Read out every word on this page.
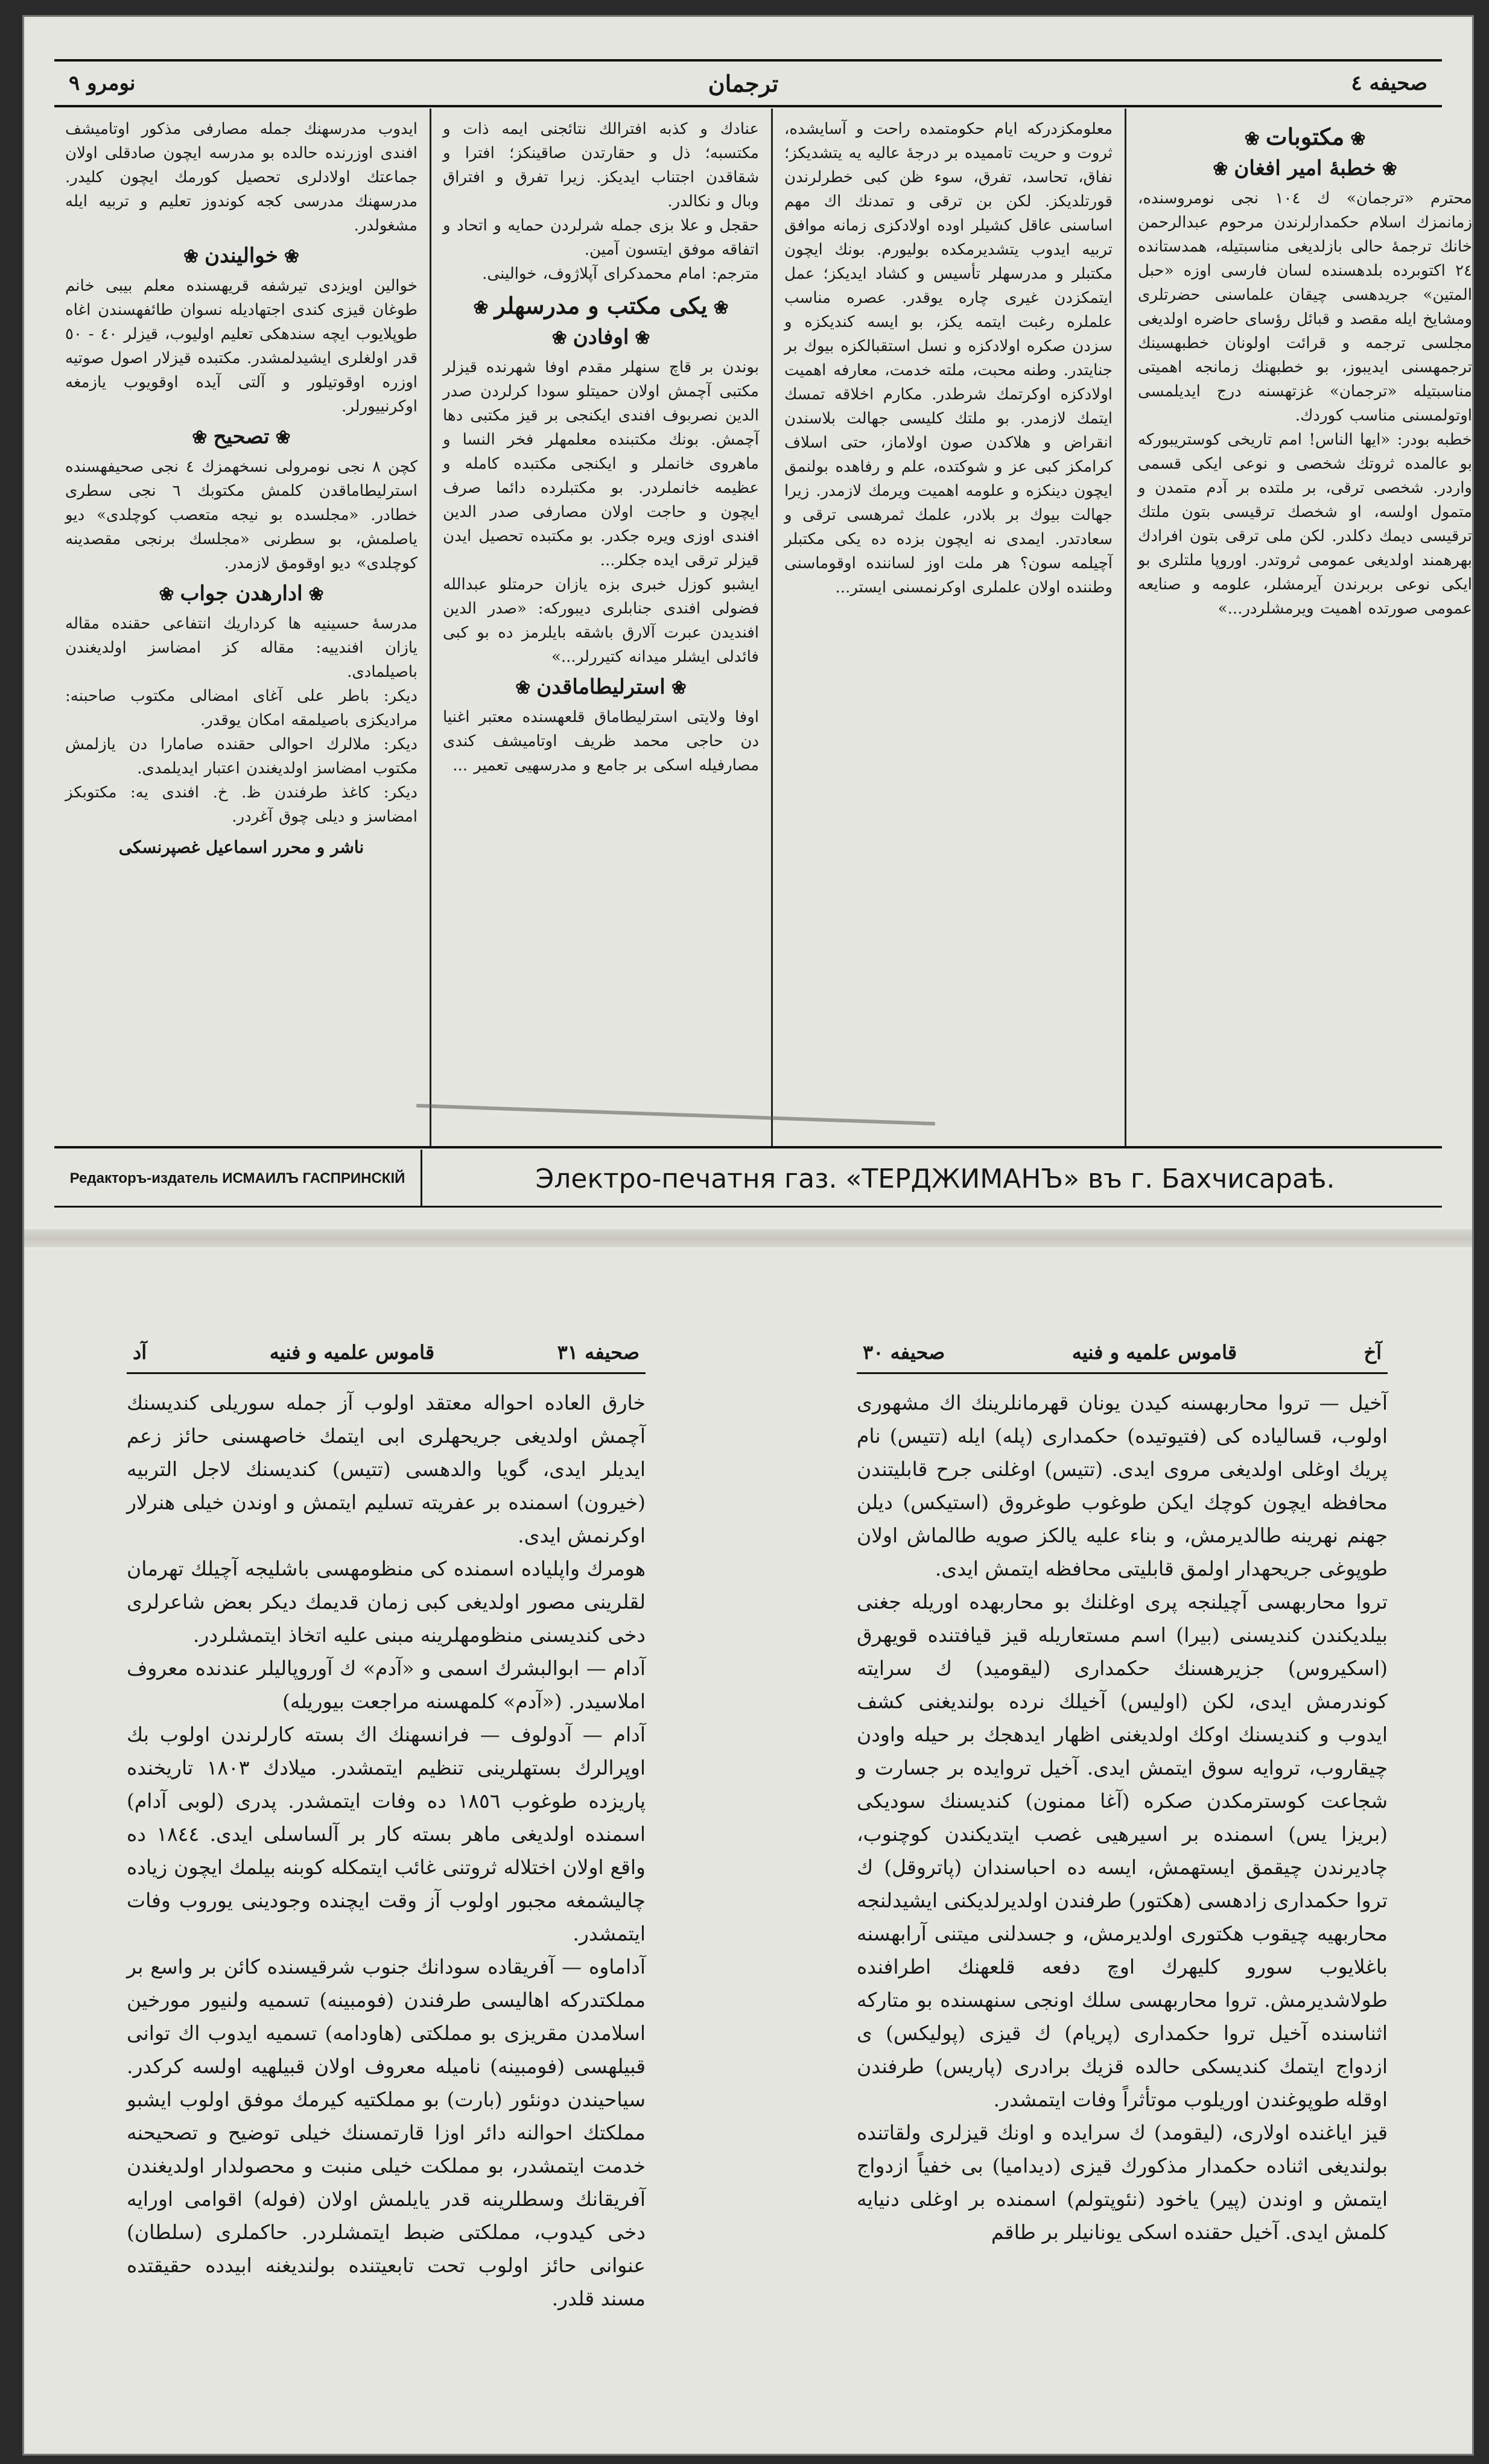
نومرو ٩	ترجمان	صحیفه ٤
ایدوب مدرسهنك جمله مصارفی مذکور اوتامیشف افندی اوزرنده حالده بو مدرسه ایچون صادقلی اولان جماعتك اولادلری تحصیل کورمك ایچون کلیدر. مدرسهنك مدرسی کجه کوندوز تعلیم و تربیه ایله مشغولدر.
❀خوالیندن❀
خوالین اویزدی تیرشفه قریهسنده معلم بیبی خانم طوغان قیزی کندی اجتهادیله نسوان طائفهسندن اغاه طوپلایوب ایچه سندهکی تعلیم اولیوب، قیزلر ٤٠ - ٥٠ قدر اولغلری ایشیدلمشدر. مکتبده قیزلار اصول صوتیه اوزره اوقوتیلور و آلتی آیده اوقویوب یازمغه اوکرنییورلر.
❀تصحیح❀
کچن ٨ نجی نومرولی نسخهمزك ٤ نجی صحیفهسنده استرلیطاماقدن کلمش مکتوبك ٦ نجی سطری خطادر. «مجلسده بو نیجه متعصب کوچلدی» دیو یاصلمش، بو سطرنی «مجلسك برنجی مقصدینه کوچلدی» دیو اوقومق لازمدر.
❀ادارهدن جواب❀
مدرسهٔ حسینیه ها کرداریك انتفاعی حقنده مقاله یازان افندییه: مقاله کز امضاسز اولدیغندن باصیلمادی.
دیکر: باطر علی آغای امضالی مکتوب صاحبنه: مرادیکزی باصیلمقه امکان یوقدر.
دیکر: ملالرك احوالی حقنده صامارا دن یازلمش مکتوب امضاسز اولدیغندن اعتبار ایدیلمدی.
دیکر: کاغذ طرفندن ظ. خ. افندی یه: مکتوبکز امضاسز و دیلی چوق آغردر.
ناشر و محرر اسماعیل غصپرنسکی
عنادك و کذبه افترالك نتائجنی ایمه ذات و مکتسبه؛ ذل و حقارتدن صاقینکز؛ افترا و شقاقدن اجتناب ایدیکز. زیرا تفرق و افتراق وبال و نکالدر.
حقجل و علا بزی جمله شرلردن حمایه و اتحاد و اتفاقه موفق ایتسون آمین.
مترجم: امام محمدکرای آپلاژوف، خوالینی.
❀یکی مکتب و مدرسهلر❀
❀اوفادن❀
بوندن بر قاچ سنهلر مقدم اوفا شهرنده قیزلر مکتبی آچمش اولان حمیتلو سودا کرلردن صدر الدین نصربوف افندی ایکنجی بر قیز مکتبی دها آچمش. بونك مکتبنده معلمهلر فخر النسا و ماهروی خانملر و ایکنجی مکتبده کامله و عظیمه خانملردر. بو مکتبلرده دائما صرف ایچون و حاجت اولان مصارفی صدر الدین افندی اوزی ویره جکدر. بو مکتبده تحصیل ایدن قیزلر ترقی ایده جکلر...
ایشبو کوزل خبری بزه یازان حرمتلو عبدالله فضولی افندی جنابلری دیبورکه: «صدر الدین افندیدن عبرت آلارق باشقه بایلرمز ده بو کبی فائدلی ایشلر میدانه کتیررلر...»
❀استرلیطاماقدن❀
اوفا ولایتی استرلیطاماق قلعهسنده معتبر اغنیا دن حاجی محمد ظریف اوتامیشف کندی مصارفیله اسکی بر جامع و مدرسهیی تعمیر ...
معلومکزدرکه ایام حکومتمده راحت و آسایشده، ثروت و حریت تاممیده بر درجهٔ عالیه یه یتشدیکز؛ نفاق، تحاسد، تفرق، سوء ظن کبی خطرلرندن قورتلدیکز. لکن بن ترقی و تمدنك اك مهم اساسنی عاقل کشیلر اوده اولادکزی زمانه موافق تربیه ایدوب یتشدیرمکده بولیورم. بونك ایچون مکتبلر و مدرسهلر تأسیس و کشاد ایدیکز؛ عمل ایتمکزدن غیری چاره یوقدر. عصره مناسب علملره رغبت ایتمه یکز، بو ایسه کندیکزه و سزدن صکره اولادکزه و نسل استقبالکزه بیوك بر جنایتدر. وطنه محبت، ملته خدمت، معارفه اهمیت اولادکزه اوکرتمك شرطدر. مکارم اخلاقه تمسك ایتمك لازمدر. بو ملتك کلیسی جهالت بلاسندن انقراض و هلاکدن صون اولاماز، حتی اسلاف کرامکز کبی عز و شوکتده، علم و رفاهده بولنمق ایچون دینکزه و علومه اهمیت ویرمك لازمدر. زیرا جهالت بیوك بر بلادر، علمك ثمرهسی ترقی و سعادتدر. ایمدی نه ایچون بزده ده یکی مکتبلر آچیلمه سون؟ هر ملت اوز لساننده اوقوماسنی وطننده اولان علملری اوکرنمسنی ایستر...
❀مکتوبات❀
❀خطبهٔ امیر افغان❀
محترم «ترجمان» ك ١٠٤ نجی نومروسنده، زمانمزك اسلام حکمدارلرندن مرحوم عبدالرحمن خانك ترجمهٔ حالی بازلدیغی مناسبتیله، همدستانده ٢٤ اکتوبرده بلدهسنده لسان فارسی اوزه «حبل المتین» جریدهسی چیقان علماسنی حضرتلری ومشایخ ایله مقصد و قبائل رؤسای حاضره اولدیغی مجلسی ترجمه و قرائت اولونان خطبهسینك ترجمهسنی ایدیبوز، بو خطبهنك زمانجه اهمیتی مناسبتیله «ترجمان» غزتهسنه درج ایدیلمسی اوتولمسنی مناسب کوردك.
خطبه بودر: «ایها الناس! امم تاریخی کوستریبورکه بو عالمده ثروتك شخصی و نوعی ایکی قسمی واردر. شخصی ترقی، بر ملتده بر آدم متمدن و متمول اولسه، او شخصك ترقیسی بتون ملتك ترقیسی دیمك دکلدر. لکن ملی ترقی بتون افرادك بهرهمند اولدیغی عمومی ثروتدر. اوروپا ملتلری بو ایکی نوعی بربرندن آیرمشلر، علومه و صنایعه عمومی صورتده اهمیت ویرمشلردر...»
Редакторъ-издатель ИСМАИЛЪ ГАСПРИНСКІЙ	Электро-печатня газ. «ТЕРДЖИМАНЪ» въ г. Бахчисараѣ.
صحیفه ٣١
قاموس علمیه و فنیه
آد
خارق العاده احواله معتقد اولوب آز جمله سوریلی کندیسنك آچمش اولدیغی جریحهلری ابی ایتمك خاصهسنی حائز زعم ایدیلر ایدی، گویا والدهسی (تتیس) کندیسنك لاجل التربیه (خیرون) اسمنده بر عفریته تسلیم ایتمش و اوندن خیلی هنرلار اوکرنمش ایدی.
هومرك واپلیاده اسمنده کی منظومهسی باشلیجه آچیلك تهرمان لقلرینی مصور اولدیغی کبی زمان قدیمك دیکر بعض شاعرلری دخی کندیسنی منظومهلرینه مبنی علیه اتخاذ ایتمشلردر.
آدام — ابوالبشرك اسمی و «آدم» ك آوروپالیلر عندنده معروف املاسیدر. («آدم» کلمهسنه مراجعت بیوریله)
آدام — آدولوف — فرانسهنك اك بسته کارلرندن اولوب بك اوپرالرك بستهلرینی تنظیم ایتمشدر. میلادك ١٨٠٣ تاریخنده پاریزده طوغوب ١٨٥٦ ده وفات ایتمشدر. پدری (لوبی آدام) اسمنده اولدیغی ماهر بسته کار بر آلساسلی ایدی. ١٨٤٤ ده واقع اولان اختلاله ثروتنی غائب ایتمکله کوبنه بیلمك ایچون زیاده چالیشمغه مجبور اولوب آز وقت ایچنده وجودینی یوروب وفات ایتمشدر.
آداماوه — آفریقاده سودانك جنوب شرقیسنده کائن بر واسع بر مملکتدرکه اهالیسی طرفندن (فومبینه) تسمیه ولنیور مورخین اسلامدن مقریزی بو مملکتی (هاودامه) تسمیه ایدوب اك توانی قبیلهسی (فومبینه) نامیله معروف اولان قبیلهیه اولسه کرکدر. سیاحیندن دونئور (بارت) بو مملکتیه کیرمك موفق اولوب ایشبو مملکتك احوالنه دائر اوزا قارتمسنك خیلی توضیح و تصحیحنه خدمت ایتمشدر، بو مملکت خیلی منبت و محصولدار اولدیغندن آفریقانك وسطلرینه قدر یایلمش اولان (فوله) اقوامی اورایه دخی کیدوب، مملکتی ضبط ایتمشلردر. حاکملری (سلطان) عنوانی حائز اولوب تحت تابعیتنده بولندیغنه ابیدده حقیقتده مسند قلدر.
آخ
قاموس علمیه و فنیه
صحیفه ٣٠
آخیل — تروا محاربهسنه کیدن یونان قهرمانلرینك اك مشهوری اولوب، قسالیاده کی (فتیوتیده) حکمداری (پله) ایله (تتیس) نام پریك اوغلی اولدیغی مروی ایدی. (تتیس) اوغلنی جرح قابلیتندن محافظه ایچون کوچك ایکن طوغوب طوغروق (استیکس) دیلن جهنم نهرینه طالدیرمش، و بناء علیه یالکز صویه طالماش اولان طوپوغی جریحهدار اولمق قابلیتی محافظه ایتمش ایدی.
تروا محاربهسی آچیلنجه پری اوغلنك بو محاربهده اوریله جغنی بیلدیکندن کندیسنی (بیرا) اسم مستعاریله قیز قیافتنده قویهرق (اسکیروس) جزیرهسنك حکمداری (لیقومید) ك سرایته کوندرمش ایدی، لکن (اولیس) آخیلك نرده بولندیغنی کشف ایدوب و کندیسنك اوکك اولدیغنی اظهار ایدهجك بر حیله واودن چیقاروب، تروایه سوق ایتمش ایدی. آخیل تروایده بر جسارت و شجاعت کوسترمکدن صکره (آغا ممنون) کندیسنك سودیکی (بریزا یس) اسمنده بر اسیرهیی غصب ایتدیکندن کوچنوب، چادیرندن چیقمق ایستهمش، ایسه ده احباسندان (پاتروقل) ك تروا حکمداری زادهسی (هکتور) طرفندن اولدیرلدیکنی ایشیدلنجه محاربهیه چیقوب هکتوری اولدیرمش، و جسدلنی میتنی آرابهسنه باغلایوب سورو کلیهرك اوچ دفعه قلعهنك اطرافنده طولاشدیرمش. تروا محاربهسی سلك اونجی سنهسنده بو متارکه اثناسنده آخیل تروا حکمداری (پریام) ك قیزی (پولیکس) ی ازدواج ایتمك کندیسکی حالده قزیك برادری (پاریس) طرفندن اوقله طوپوغندن اوریلوب موتأثراً وفات ایتمشدر.
قیز ایاغنده اولاری، (لیقومد) ك سرایده و اونك قیزلری ولقاتنده بولندیغی اثناده حکمدار مذکورك قیزی (دیدامیا) بی خفیاً ازدواج ایتمش و اوندن (پیر) یاخود (نئوپتولم) اسمنده بر اوغلی دنیایه کلمش ایدی. آخیل حقنده اسکی یونانیلر بر طاقم
